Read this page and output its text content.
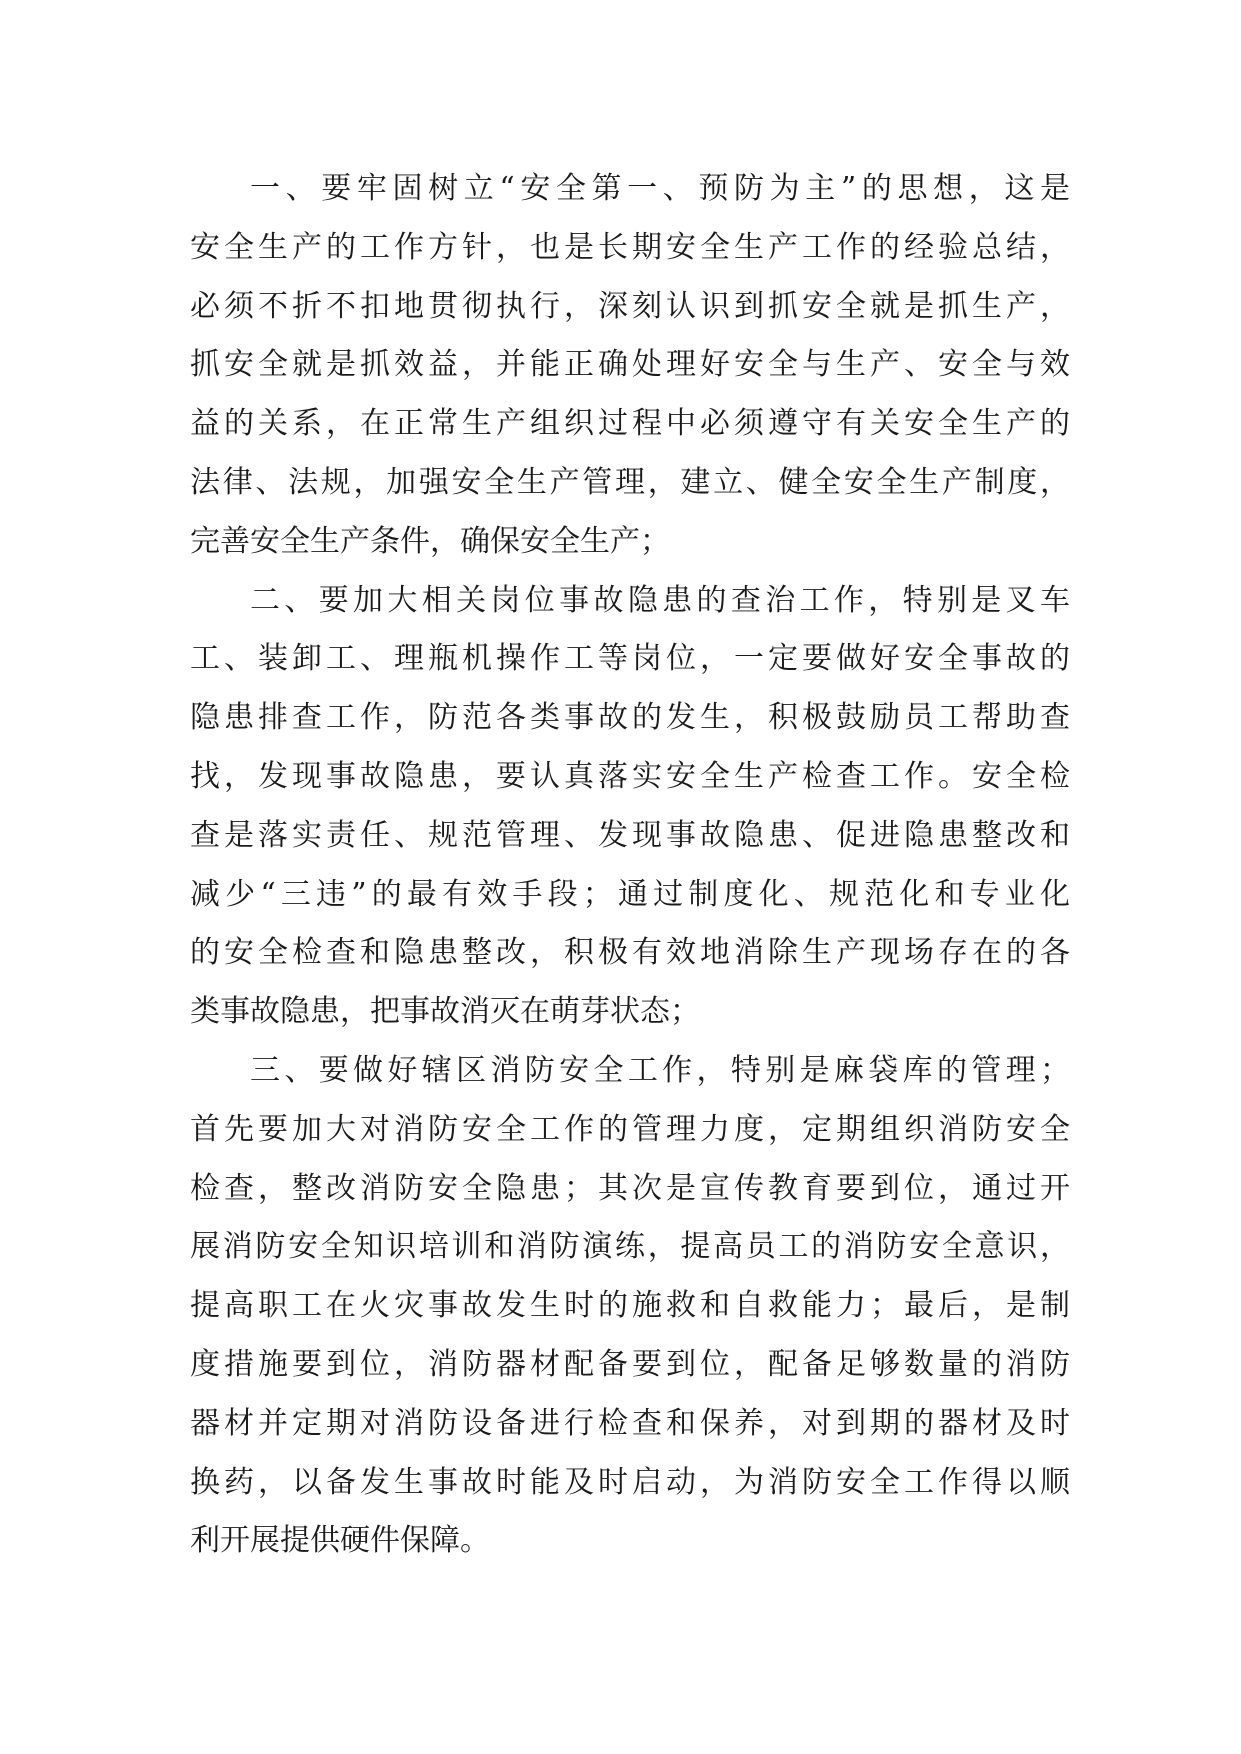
一、要牢固树立“安全第一、预防为主”的思想，这是
安全生产的工作方针，也是长期安全生产工作的经验总结，
必须不折不扣地贯彻执行，深刻认识到抓安全就是抓生产，
抓安全就是抓效益，并能正确处理好安全与生产、安全与效
益的关系，在正常生产组织过程中必须遵守有关安全生产的
法律、法规，加强安全生产管理，建立、健全安全生产制度，
完善安全生产条件，确保安全生产；
二、要加大相关岗位事故隐患的查治工作，特别是叉车
工、装卸工、理瓶机操作工等岗位，一定要做好安全事故的
隐患排查工作，防范各类事故的发生，积极鼓励员工帮助查
找，发现事故隐患，要认真落实安全生产检查工作。安全检
查是落实责任、规范管理、发现事故隐患、促进隐患整改和
减少“三违”的最有效手段；通过制度化、规范化和专业化
的安全检查和隐患整改，积极有效地消除生产现场存在的各
类事故隐患，把事故消灭在萌芽状态；
三、要做好辖区消防安全工作，特别是麻袋库的管理；
首先要加大对消防安全工作的管理力度，定期组织消防安全
检查，整改消防安全隐患；其次是宣传教育要到位，通过开
展消防安全知识培训和消防演练，提高员工的消防安全意识，
提高职工在火灾事故发生时的施救和自救能力；最后，是制
度措施要到位，消防器材配备要到位，配备足够数量的消防
器材并定期对消防设备进行检查和保养，对到期的器材及时
换药，以备发生事故时能及时启动，为消防安全工作得以顺
利开展提供硬件保障。
